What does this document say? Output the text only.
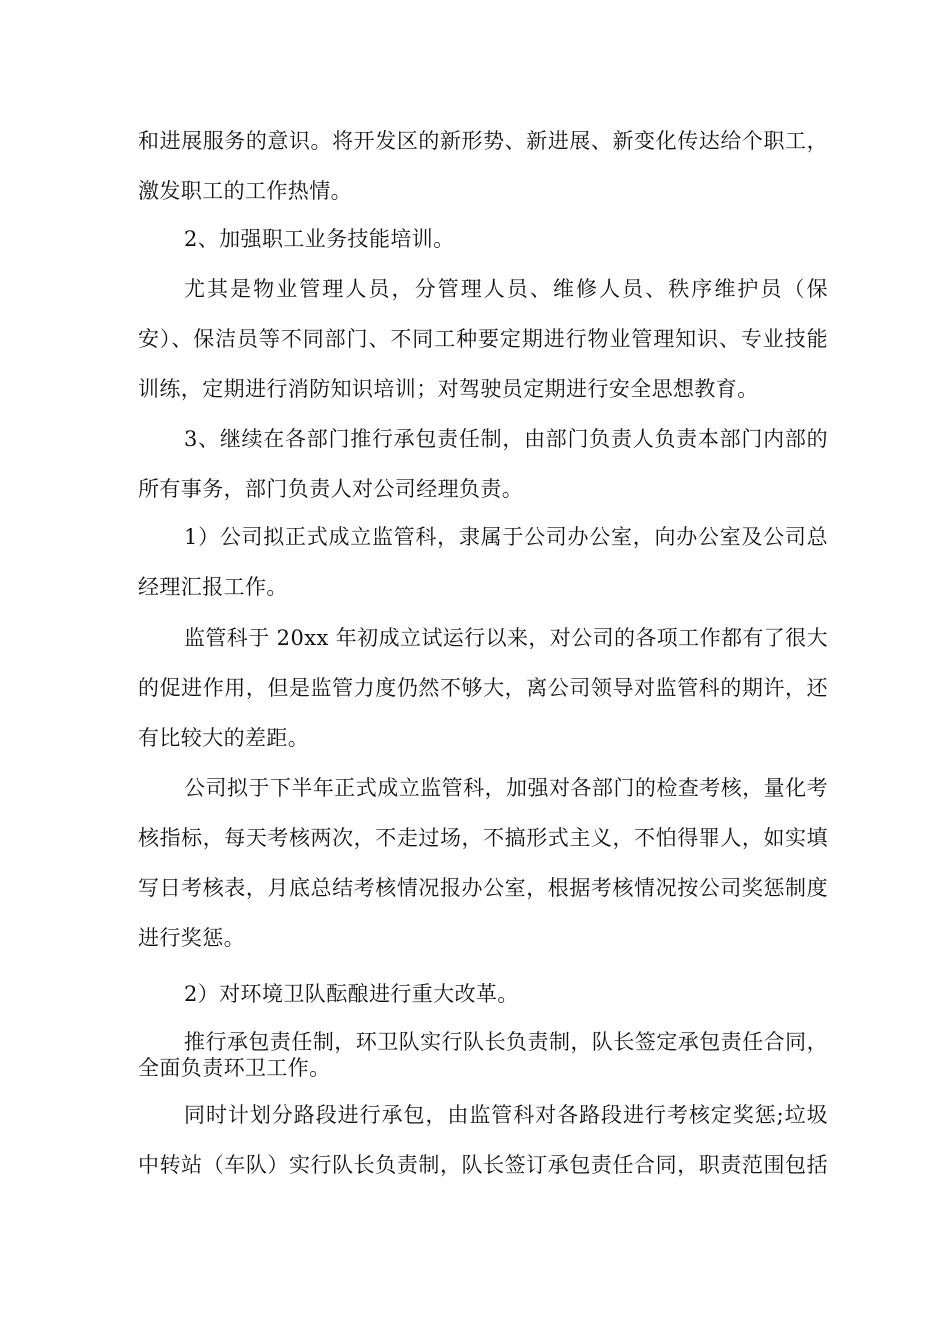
和进展服务的意识。将开发区的新形势、新进展、新变化传达给个职工，
激发职工的工作热情。
2、加强职工业务技能培训。
尤其是物业管理人员，分管理人员、维修人员、秩序维护员（保
安）、保洁员等不同部门、不同工种要定期进行物业管理知识、专业技能
训练，定期进行消防知识培训；对驾驶员定期进行安全思想教育。
3、继续在各部门推行承包责任制，由部门负责人负责本部门内部的
所有事务，部门负责人对公司经理负责。
1）公司拟正式成立监管科，隶属于公司办公室，向办公室及公司总
经理汇报工作。
监管科于 20xx 年初成立试运行以来，对公司的各项工作都有了很大
的促进作用，但是监管力度仍然不够大，离公司领导对监管科的期许，还
有比较大的差距。
公司拟于下半年正式成立监管科，加强对各部门的检查考核，量化考
核指标，每天考核两次，不走过场，不搞形式主义，不怕得罪人，如实填
写日考核表，月底总结考核情况报办公室，根据考核情况按公司奖惩制度
进行奖惩。
2）对环境卫队酝酿进行重大改革。
推行承包责任制，环卫队实行队长负责制，队长签定承包责任合同，
全面负责环卫工作。
同时计划分路段进行承包，由监管科对各路段进行考核定奖惩;垃圾
中转站（车队）实行队长负责制，队长签订承包责任合同，职责范围包括
